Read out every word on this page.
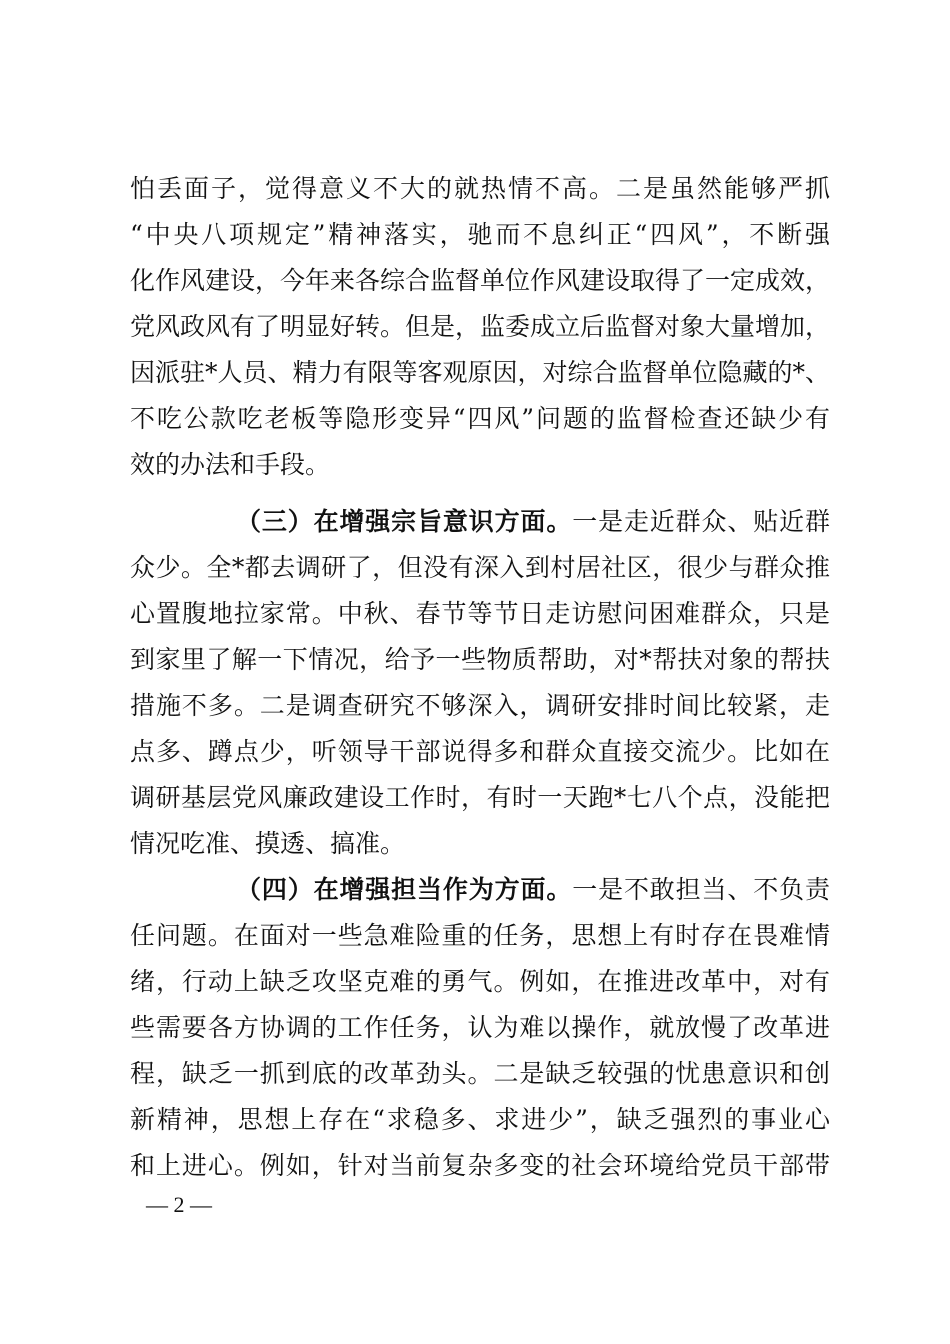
怕丢面子，觉得意义不大的就热情不高。二是虽然能够严抓
“中央八项规定”精神落实，驰而不息纠正“四风”，不断强
化作风建设，今年来各综合监督单位作风建设取得了一定成效，
党风政风有了明显好转。但是，监委成立后监督对象大量增加，
因派驻*人员、精力有限等客观原因，对综合监督单位隐藏的*、
不吃公款吃老板等隐形变异“四风”问题的监督检查还缺少有
效的办法和手段。
（三）在增强宗旨意识方面。一是走近群众、贴近群
众少。全*都去调研了，但没有深入到村居社区，很少与群众推
心置腹地拉家常。中秋、春节等节日走访慰问困难群众，只是
到家里了解一下情况，给予一些物质帮助，对*帮扶对象的帮扶
措施不多。二是调查研究不够深入，调研安排时间比较紧，走
点多、蹲点少，听领导干部说得多和群众直接交流少。比如在
调研基层党风廉政建设工作时，有时一天跑*七八个点，没能把
情况吃准、摸透、搞准。
（四）在增强担当作为方面。一是不敢担当、不负责
任问题。在面对一些急难险重的任务，思想上有时存在畏难情
绪，行动上缺乏攻坚克难的勇气。例如，在推进改革中，对有
些需要各方协调的工作任务，认为难以操作，就放慢了改革进
程，缺乏一抓到底的改革劲头。二是缺乏较强的忧患意识和创
新精神，思想上存在“求稳多、求进少”，缺乏强烈的事业心
和上进心。例如，针对当前复杂多变的社会环境给党员干部带
— 2 —
